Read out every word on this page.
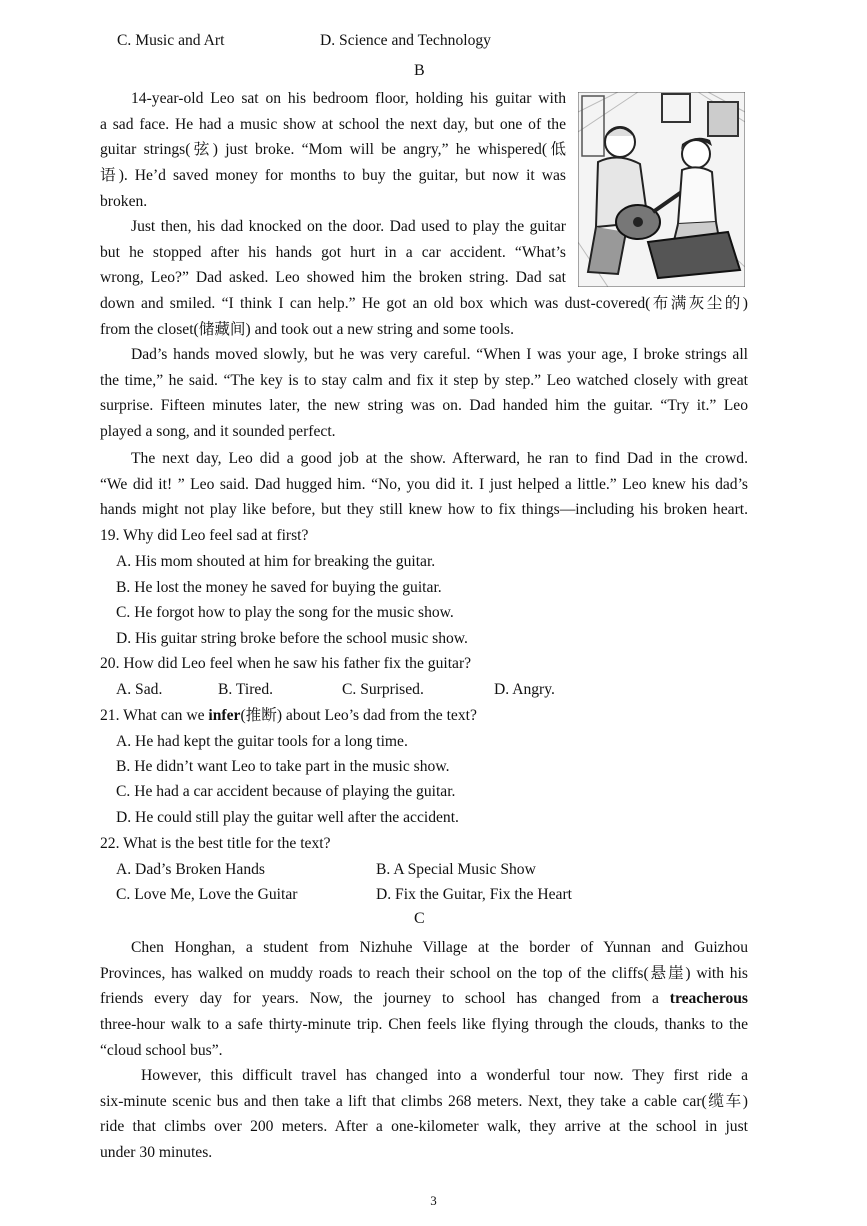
C. Music and Art	D. Science and Technology
B
14-year-old Leo sat on his bedroom floor, holding his guitar with
a sad face. He had a music show at school the next day, but one of the
guitar strings(弦) just broke. “Mom will be angry,” he whispered(低
语). He’d saved money for months to buy the guitar, but now it was
broken.
Just then, his dad knocked on the door. Dad used to play the guitar
but he stopped after his hands got hurt in a car accident. “What’s
wrong, Leo?” Dad asked. Leo showed him the broken string. Dad sat
down and smiled. “I think I can help.” He got an old box which was dust-covered(布满灰尘的)
from the closet(储藏间) and took out a new string and some tools.
Dad’s hands moved slowly, but he was very careful. “When I was your age, I broke strings all
the time,” he said. “The key is to stay calm and fix it step by step.” Leo watched closely with great
surprise. Fifteen minutes later, the new string was on. Dad handed him the guitar. “Try it.” Leo
played a song, and it sounded perfect.
The next day, Leo did a good job at the show. Afterward, he ran to find Dad in the crowd.
“We did it! ” Leo said. Dad hugged him. “No, you did it. I just helped a little.” Leo knew his dad’s
hands might not play like before, but they still knew how to fix things—including his broken heart.
19. Why did Leo feel sad at first?
A. His mom shouted at him for breaking the guitar.
B. He lost the money he saved for buying the guitar.
C. He forgot how to play the song for the music show.
D. His guitar string broke before the school music show.
20. How did Leo feel when he saw his father fix the guitar?
A. Sad.	B. Tired.	C. Surprised.	D. Angry.
21. What can we infer(推断) about Leo’s dad from the text?
A. He had kept the guitar tools for a long time.
B. He didn’t want Leo to take part in the music show.
C. He had a car accident because of playing the guitar.
D. He could still play the guitar well after the accident.
22. What is the best title for the text?
A. Dad’s Broken Hands	B. A Special Music Show
C. Love Me, Love the Guitar	D. Fix the Guitar, Fix the Heart
C
Chen Honghan, a student from Nizhuhe Village at the border of Yunnan and Guizhou
Provinces, has walked on muddy roads to reach their school on the top of the cliffs(悬崖) with his
friends every day for years. Now, the journey to school has changed from a treacherous
three-hour walk to a safe thirty-minute trip. Chen feels like flying through the clouds, thanks to the
“cloud school bus”.
However, this difficult travel has changed into a wonderful tour now. They first ride a
six-minute scenic bus and then take a lift that climbs 268 meters. Next, they take a cable car(缆车)
ride that climbs over 200 meters. After a one-kilometer walk, they arrive at the school in just
under 30 minutes.
3
